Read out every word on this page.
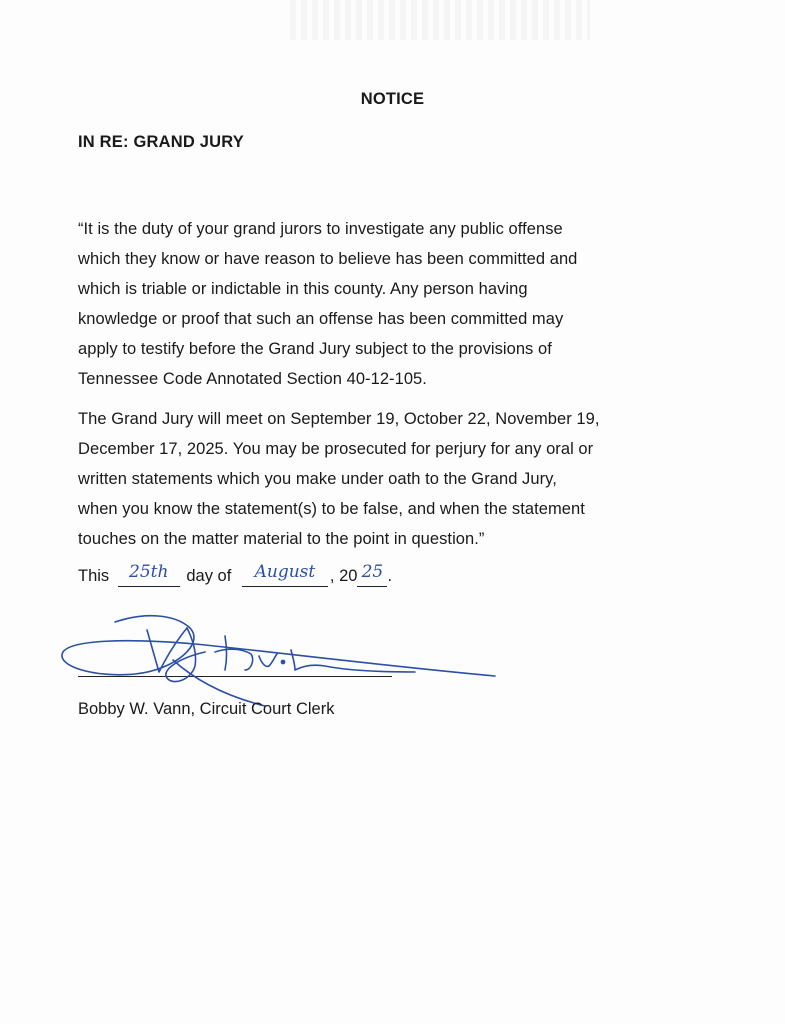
NOTICE
IN RE: GRAND JURY

“It is the duty of your grand jurors to investigate any public offense
which they know or have reason to believe has been committed and
which is triable or indictable in this county. Any person having
knowledge or proof that such an offense has been committed may
apply to testify before the Grand Jury subject to the provisions of
Tennessee Code Annotated Section 40-12-105.

The Grand Jury will meet on September 19, October 22, November 19,
December 17, 2025. You may be prosecuted for perjury for any oral or
written statements which you make under oath to the Grand Jury,
when you know the statement(s) to be false, and when the statement
touches on the matter material to the point in question.”

This 25th day of August , 20 25 .
Bobby W. Vann, Circuit Court Clerk
